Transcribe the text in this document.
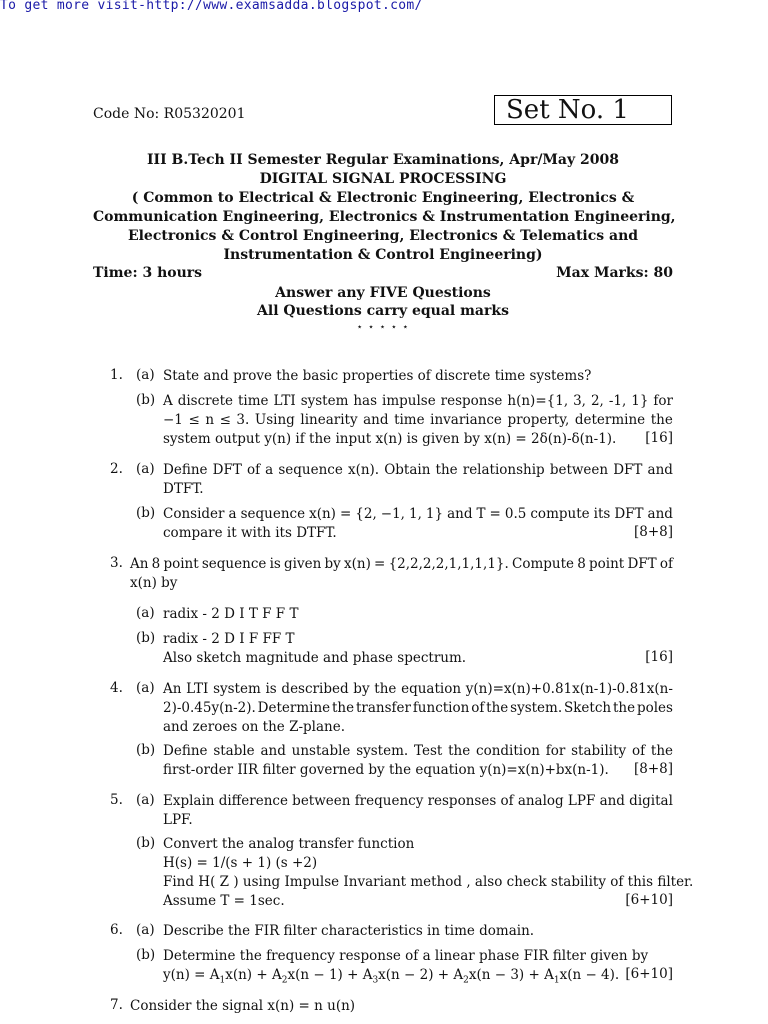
To get more visit-http://www.examsadda.blogspot.com/
Code No: R05320201	Set No. 1
III B.Tech II Semester Regular Examinations, Apr/May 2008
DIGITAL SIGNAL PROCESSING
( Common to Electrical & Electronic Engineering, Electronics &
Communication Engineering, Electronics & Instrumentation Engineering,
Electronics & Control Engineering, Electronics & Telematics and
Instrumentation & Control Engineering)
Time: 3 hours	Max Marks: 80
Answer any FIVE Questions
All Questions carry equal marks
⋆ ⋆ ⋆ ⋆ ⋆
1. (a) State and prove the basic properties of discrete time systems?
(b) A discrete time LTI system has impulse response h(n)={1, 3, 2, -1, 1} for
−1 ≤ n ≤ 3. Using linearity and time invariance property, determine the
system output y(n) if the input x(n) is given by x(n) = 2δ(n)-δ(n-1).	[16]
2. (a) Define DFT of a sequence x(n). Obtain the relationship between DFT and
DTFT.
(b) Consider a sequence x(n) = {2, −1, 1, 1} and T = 0.5 compute its DFT and
compare it with its DTFT.	[8+8]
3. An 8 point sequence is given by x(n) = {2,2,2,2,1,1,1,1}. Compute 8 point DFT of
x(n) by
(a) radix - 2 D I T F F T
(b) radix - 2 D I F FF T
Also sketch magnitude and phase spectrum.	[16]
4. (a) An LTI system is described by the equation y(n)=x(n)+0.81x(n-1)-0.81x(n-
2)-0.45y(n-2). Determine the transfer function of the system. Sketch the poles
and zeroes on the Z-plane.
(b) Define stable and unstable system. Test the condition for stability of the
first-order IIR filter governed by the equation y(n)=x(n)+bx(n-1).	[8+8]
5. (a) Explain difference between frequency responses of analog LPF and digital
LPF.
(b) Convert the analog transfer function
H(s) = 1/(s + 1) (s +2)
Find H( Z ) using Impulse Invariant method , also check stability of this filter.
Assume T = 1sec.	[6+10]
6. (a) Describe the FIR filter characteristics in time domain.
(b) Determine the frequency response of a linear phase FIR filter given by
$y(n) = A_1x(n) + A_2x(n - 1) + A_3x(n - 2) + A_2x(n - 3) + A_1x(n - 4)$. [6+10]
7. Consider the signal x(n) = n u(n)
